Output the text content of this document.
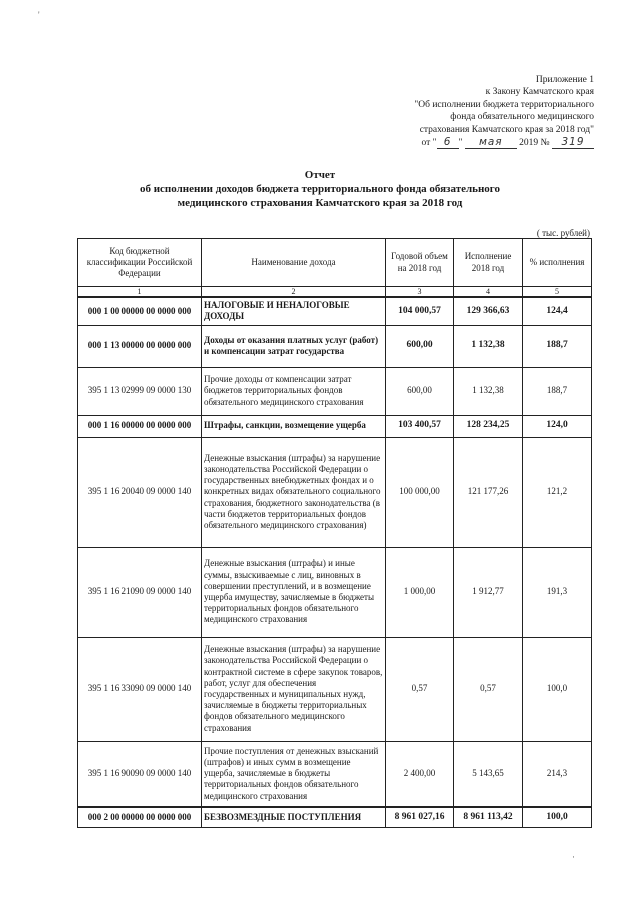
'
Приложение 1
к Закону Камчатского края
"Об исполнении бюджета территориального
фонда обязательного медицинского
страхования Камчатского края за 2018 год"
от " 6 " мая 2019 № 319
Отчет
об исполнении доходов бюджета территориального фонда обязательного
медицинского страхования Камчатского края за 2018 год
( тыс. рублей)
Код бюджетной классификации Российской Федерации	Наименование дохода	Годовой объем на 2018 год	Исполнение 2018 год	% исполнения
1	2	3	4	5
000 1 00 00000 00 0000 000	НАЛОГОВЫЕ И НЕНАЛОГОВЫЕ ДОХОДЫ	104 000,57	129 366,63	124,4
000 1 13 00000 00 0000 000	Доходы от оказания платных услуг (работ) и компенсации затрат государства	600,00	1 132,38	188,7
395 1 13 02999 09 0000 130	Прочие доходы от компенсации затрат бюджетов территориальных фондов обязательного медицинского страхования	600,00	1 132,38	188,7
000 1 16 00000 00 0000 000	Штрафы, санкции, возмещение ущерба	103 400,57	128 234,25	124,0
395 1 16 20040 09 0000 140	Денежные взыскания (штрафы) за нарушение законодательства Российской Федерации о государственных внебюджетных фондах и о конкретных видах обязательного социального страхования, бюджетного законодательства (в части бюджетов территориальных фондов обязательного медицинского страхования)	100 000,00	121 177,26	121,2
395 1 16 21090 09 0000 140	Денежные взыскания (штрафы) и иные суммы, взыскиваемые с лиц, виновных в совершении преступлений, и в возмещение ущерба имуществу, зачисляемые в бюджеты территориальных фондов обязательного медицинского страхования	1 000,00	1 912,77	191,3
395 1 16 33090 09 0000 140	Денежные взыскания (штрафы) за нарушение законодательства Российской Федерации о контрактной системе в сфере закупок товаров, работ, услуг для обеспечения государственных и муниципальных нужд, зачисляемые в бюджеты территориальных фондов обязательного медицинского страхования	0,57	0,57	100,0
395 1 16 90090 09 0000 140	Прочие поступления от денежных взысканий (штрафов) и иных сумм в возмещение ущерба, зачисляемые в бюджеты территориальных фондов обязательного медицинского страхования	2 400,00	5 143,65	214,3
000 2 00 00000 00 0000 000	БЕЗВОЗМЕЗДНЫЕ ПОСТУПЛЕНИЯ	8 961 027,16	8 961 113,42	100,0
·
